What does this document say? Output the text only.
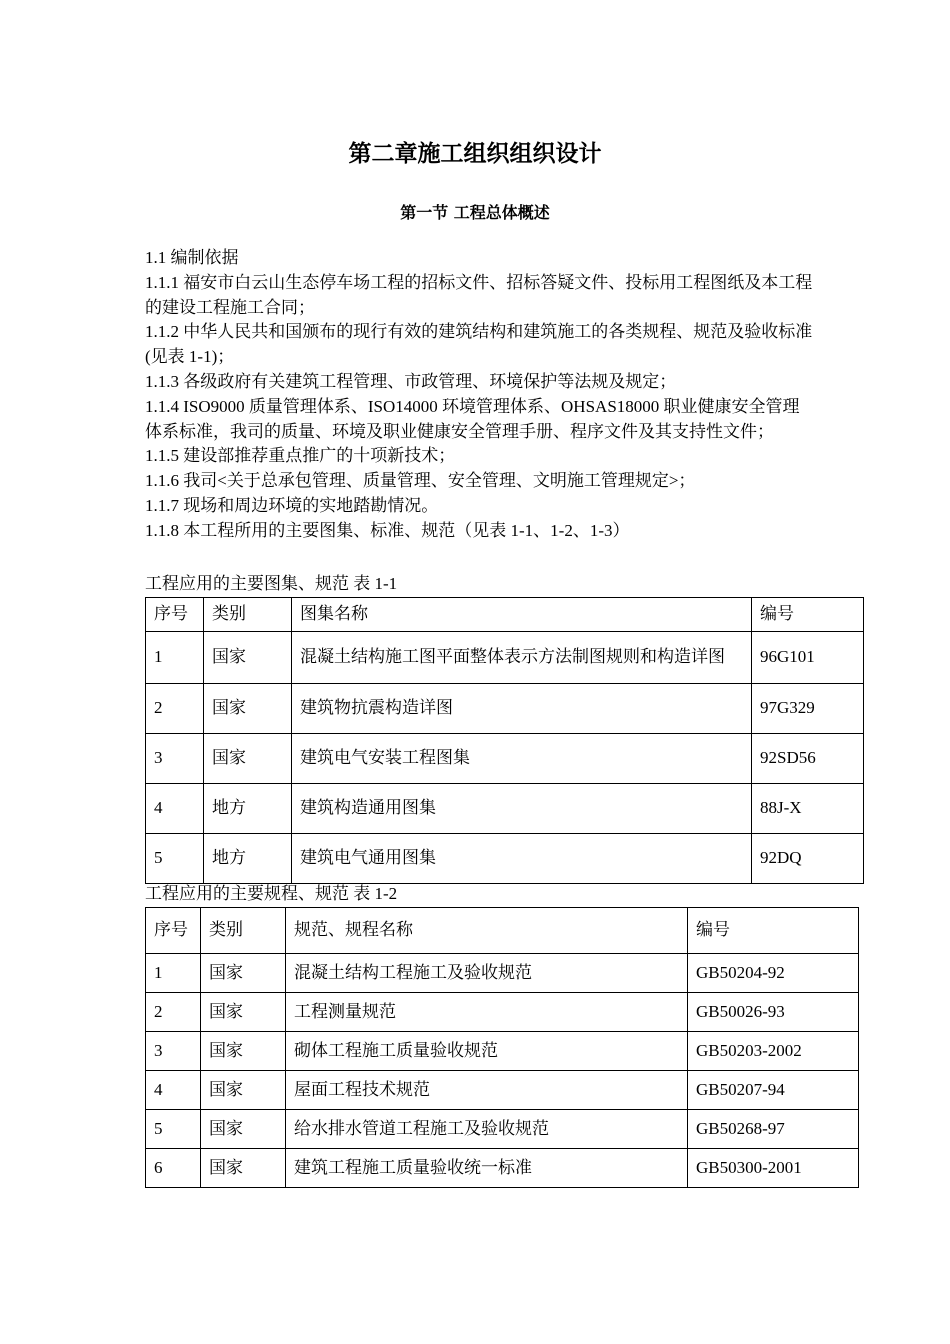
第二章施工组织组织设计
第一节 工程总体概述

1.1 编制依据

1.1.1 福安市白云山生态停车场工程的招标文件、招标答疑文件、投标用工程图纸及本工程的建设工程施工合同；

1.1.2 中华人民共和国颁布的现行有效的建筑结构和建筑施工的各类规程、规范及验收标准(见表 1-1)；

1.1.3 各级政府有关建筑工程管理、市政管理、环境保护等法规及规定；

1.1.4 ISO9000 质量管理体系、ISO14000 环境管理体系、OHSAS18000 职业健康安全管理体系标准，我司的质量、环境及职业健康安全管理手册、程序文件及其支持性文件；

1.1.5 建设部推荐重点推广的十项新技术；

1.1.6 我司<关于总承包管理、质量管理、安全管理、文明施工管理规定>；

1.1.7 现场和周边环境的实地踏勘情况。

1.1.8 本工程所用的主要图集、标准、规范（见表 1-1、1-2、1-3）

工程应用的主要图集、规范 表 1-1

序号	类别	图集名称	编号
1	国家	混凝土结构施工图平面整体表示方法制图规则和构造详图	96G101
2	国家	建筑物抗震构造详图	97G329
3	国家	建筑电气安装工程图集	92SD56
4	地方	建筑构造通用图集	88J-X
5	地方	建筑电气通用图集	92DQ

工程应用的主要规程、规范 表 1-2

序号	类别	规范、规程名称	编号
1	国家	混凝土结构工程施工及验收规范	GB50204-92
2	国家	工程测量规范	GB50026-93
3	国家	砌体工程施工质量验收规范	GB50203-2002
4	国家	屋面工程技术规范	GB50207-94
5	国家	给水排水管道工程施工及验收规范	GB50268-97
6	国家	建筑工程施工质量验收统一标准	GB50300-2001
